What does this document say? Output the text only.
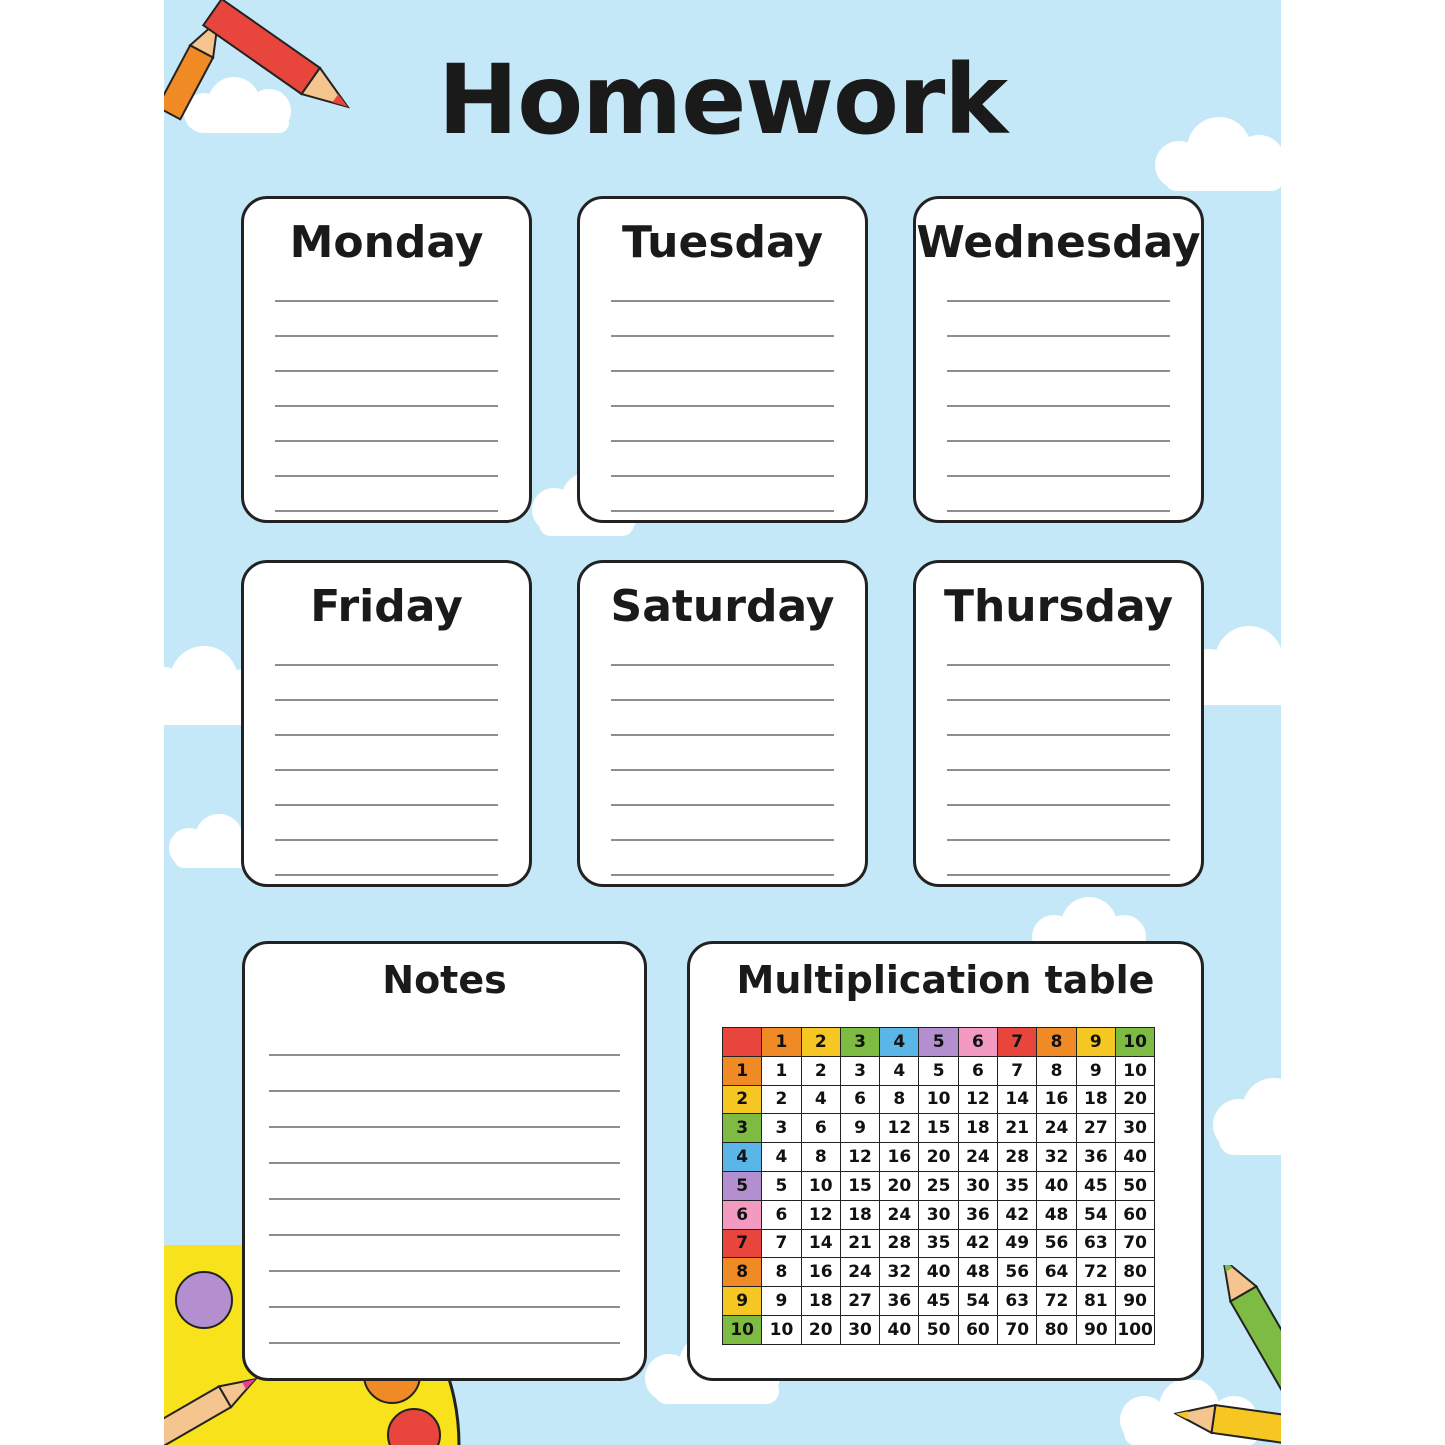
Homework
Monday	Tuesday	Wednesday
Friday	Saturday	Thursday
Notes	Multiplication table
	1	2	3	4	5	6	7	8	9	10
1	1	2	3	4	5	6	7	8	9	10
2	2	4	6	8	10	12	14	16	18	20
3	3	6	9	12	15	18	21	24	27	30
4	4	8	12	16	20	24	28	32	36	40
5	5	10	15	20	25	30	35	40	45	50
6	6	12	18	24	30	36	42	48	54	60
7	7	14	21	28	35	42	49	56	63	70
8	8	16	24	32	40	48	56	64	72	80
9	9	18	27	36	45	54	63	72	81	90
10	10	20	30	40	50	60	70	80	90	100
